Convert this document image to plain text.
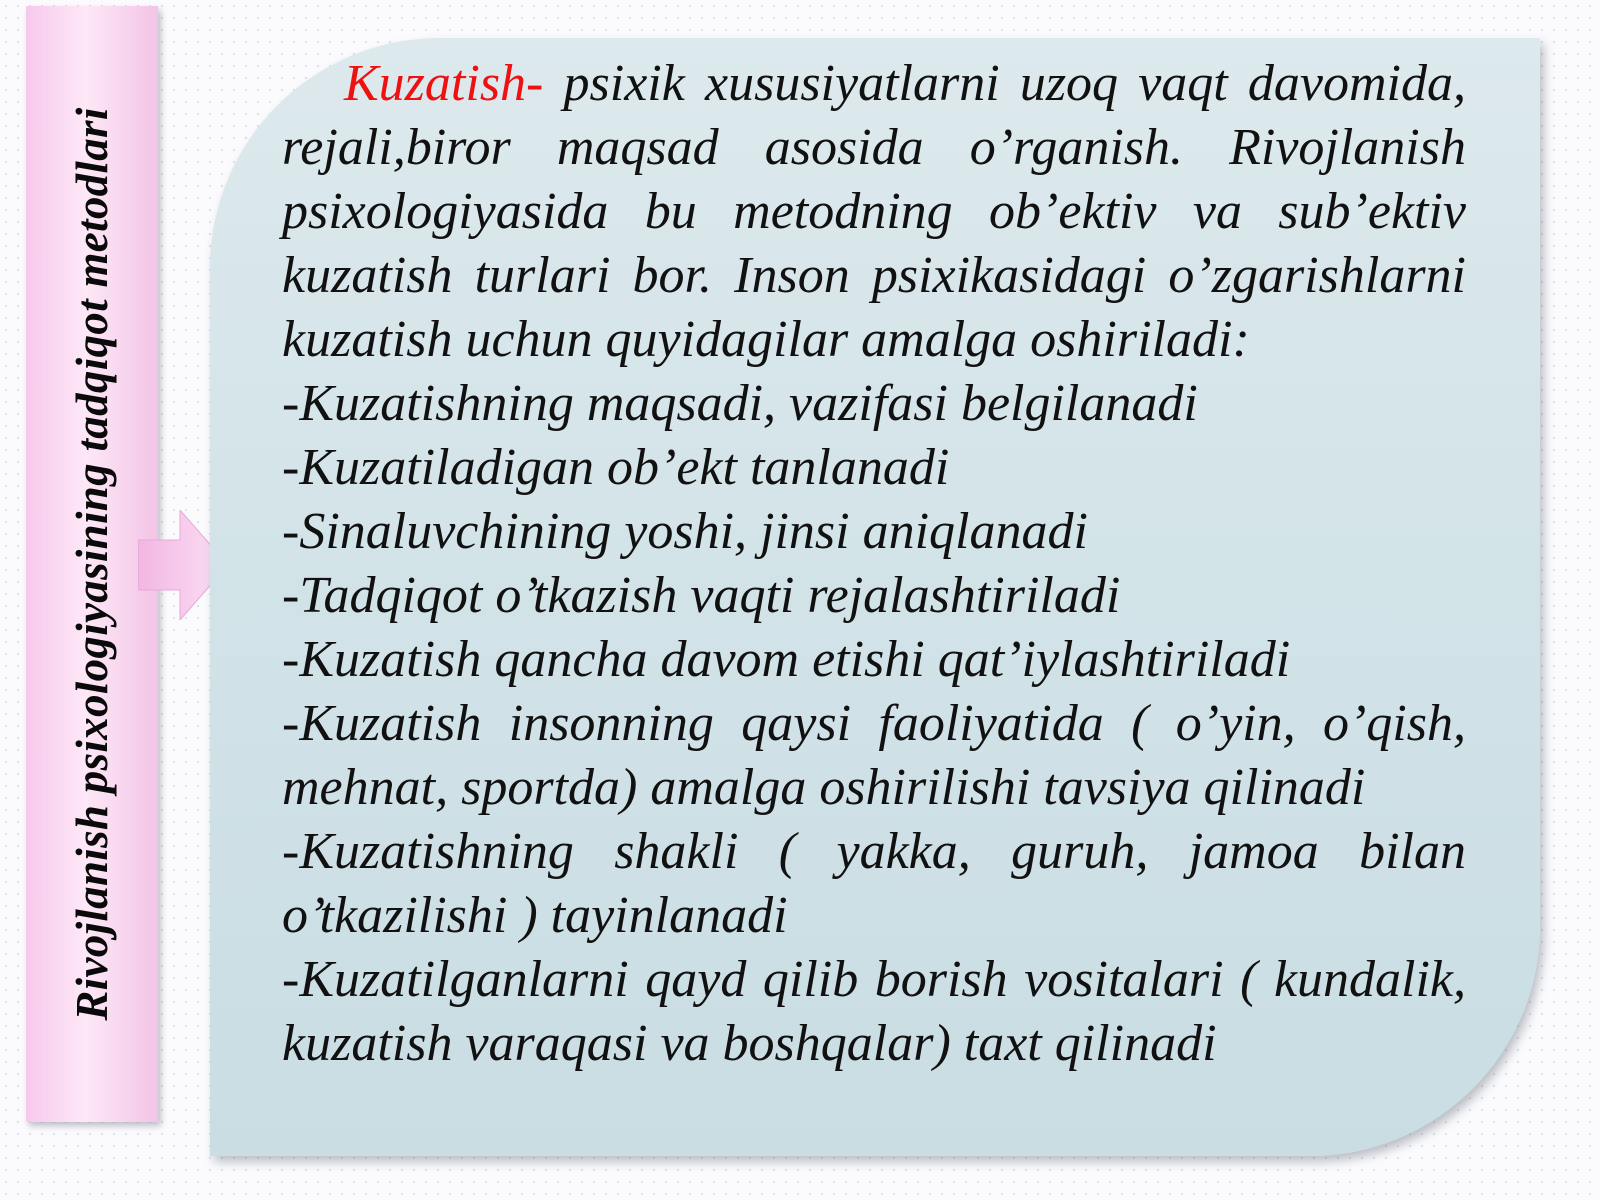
Rivojlanish psixologiyasining tadqiqot metodlari
Kuzatish- psixik xususiyatlarni uzoq vaqt davomida, rejali,biror maqsad asosida o’rganish. Rivojlanish psixologiyasida bu metodning ob’ektiv va sub’ektiv kuzatish turlari bor. Inson psixikasidagi o’zgarishlarni kuzatish uchun quyidagilar amalga oshiriladi:
-Kuzatishning maqsadi, vazifasi belgilanadi
-Kuzatiladigan ob’ekt tanlanadi
-Sinaluvchining yoshi, jinsi aniqlanadi
-Tadqiqot o’tkazish vaqti rejalashtiriladi
-Kuzatish qancha davom etishi qat’iylashtiriladi
-Kuzatish insonning qaysi faoliyatida ( o’yin, o’qish, mehnat, sportda) amalga oshirilishi tavsiya qilinadi
-Kuzatishning shakli ( yakka, guruh, jamoa bilan o’tkazilishi ) tayinlanadi
-Kuzatilganlarni qayd qilib borish vositalari ( kundalik, kuzatish varaqasi va boshqalar) taxt qilinadi
